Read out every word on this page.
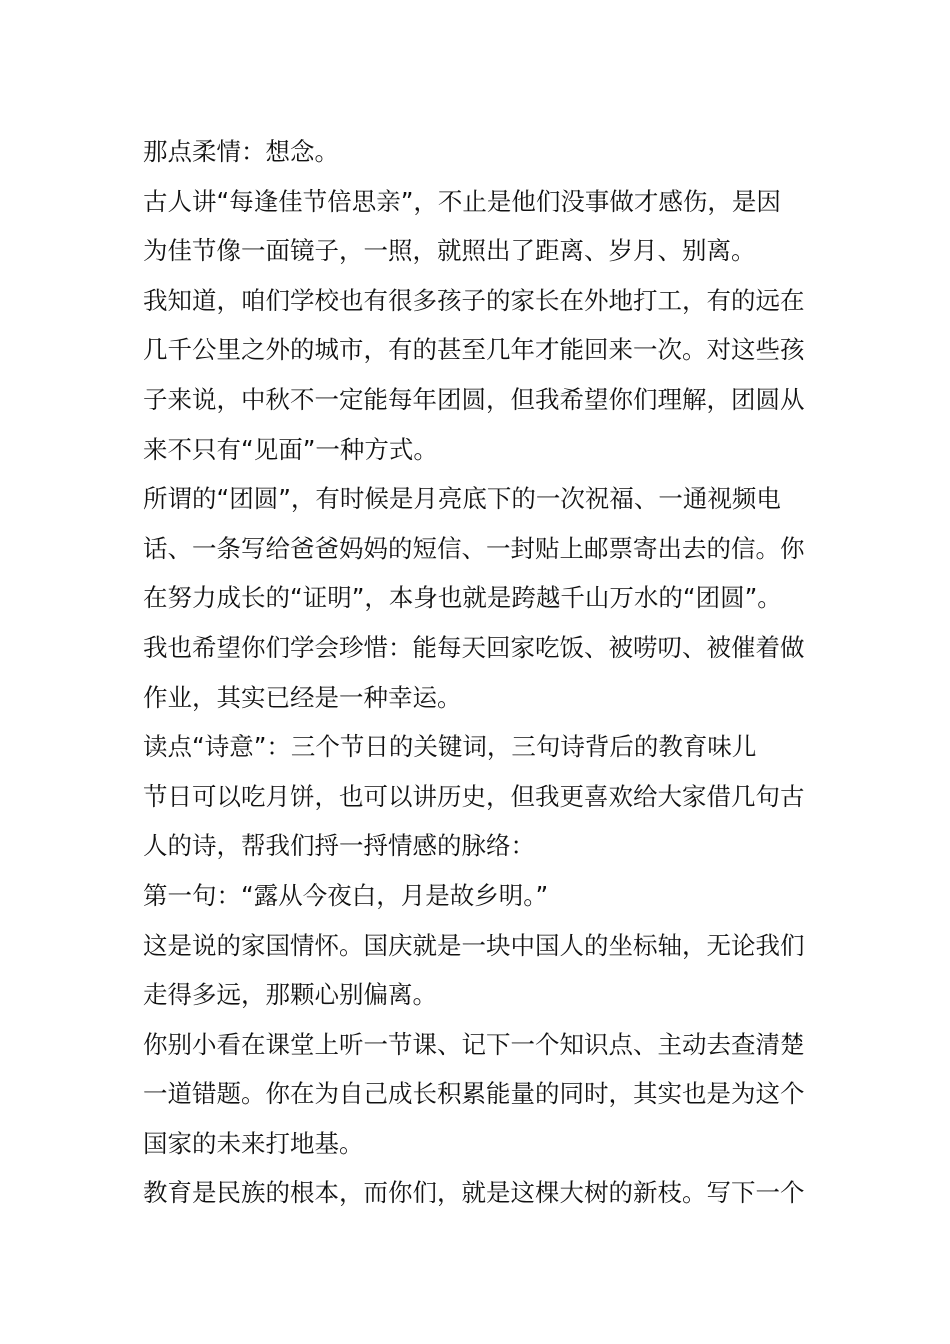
那点柔情：想念。
古人讲“每逢佳节倍思亲”，不止是他们没事做才感伤，是因
为佳节像一面镜子，一照，就照出了距离、岁月、别离。
我知道，咱们学校也有很多孩子的家长在外地打工，有的远在
几千公里之外的城市，有的甚至几年才能回来一次。对这些孩
子来说，中秋不一定能每年团圆，但我希望你们理解，团圆从
来不只有“见面”一种方式。
所谓的“团圆”，有时候是月亮底下的一次祝福、一通视频电
话、一条写给爸爸妈妈的短信、一封贴上邮票寄出去的信。你
在努力成长的“证明”，本身也就是跨越千山万水的“团圆”。
我也希望你们学会珍惜：能每天回家吃饭、被唠叨、被催着做
作业，其实已经是一种幸运。
读点“诗意”：三个节日的关键词，三句诗背后的教育味儿
节日可以吃月饼，也可以讲历史，但我更喜欢给大家借几句古
人的诗，帮我们捋一捋情感的脉络：
第一句：“露从今夜白，月是故乡明。”
这是说的家国情怀。国庆就是一块中国人的坐标轴，无论我们
走得多远，那颗心别偏离。
你别小看在课堂上听一节课、记下一个知识点、主动去查清楚
一道错题。你在为自己成长积累能量的同时，其实也是为这个
国家的未来打地基。
教育是民族的根本，而你们，就是这棵大树的新枝。写下一个
